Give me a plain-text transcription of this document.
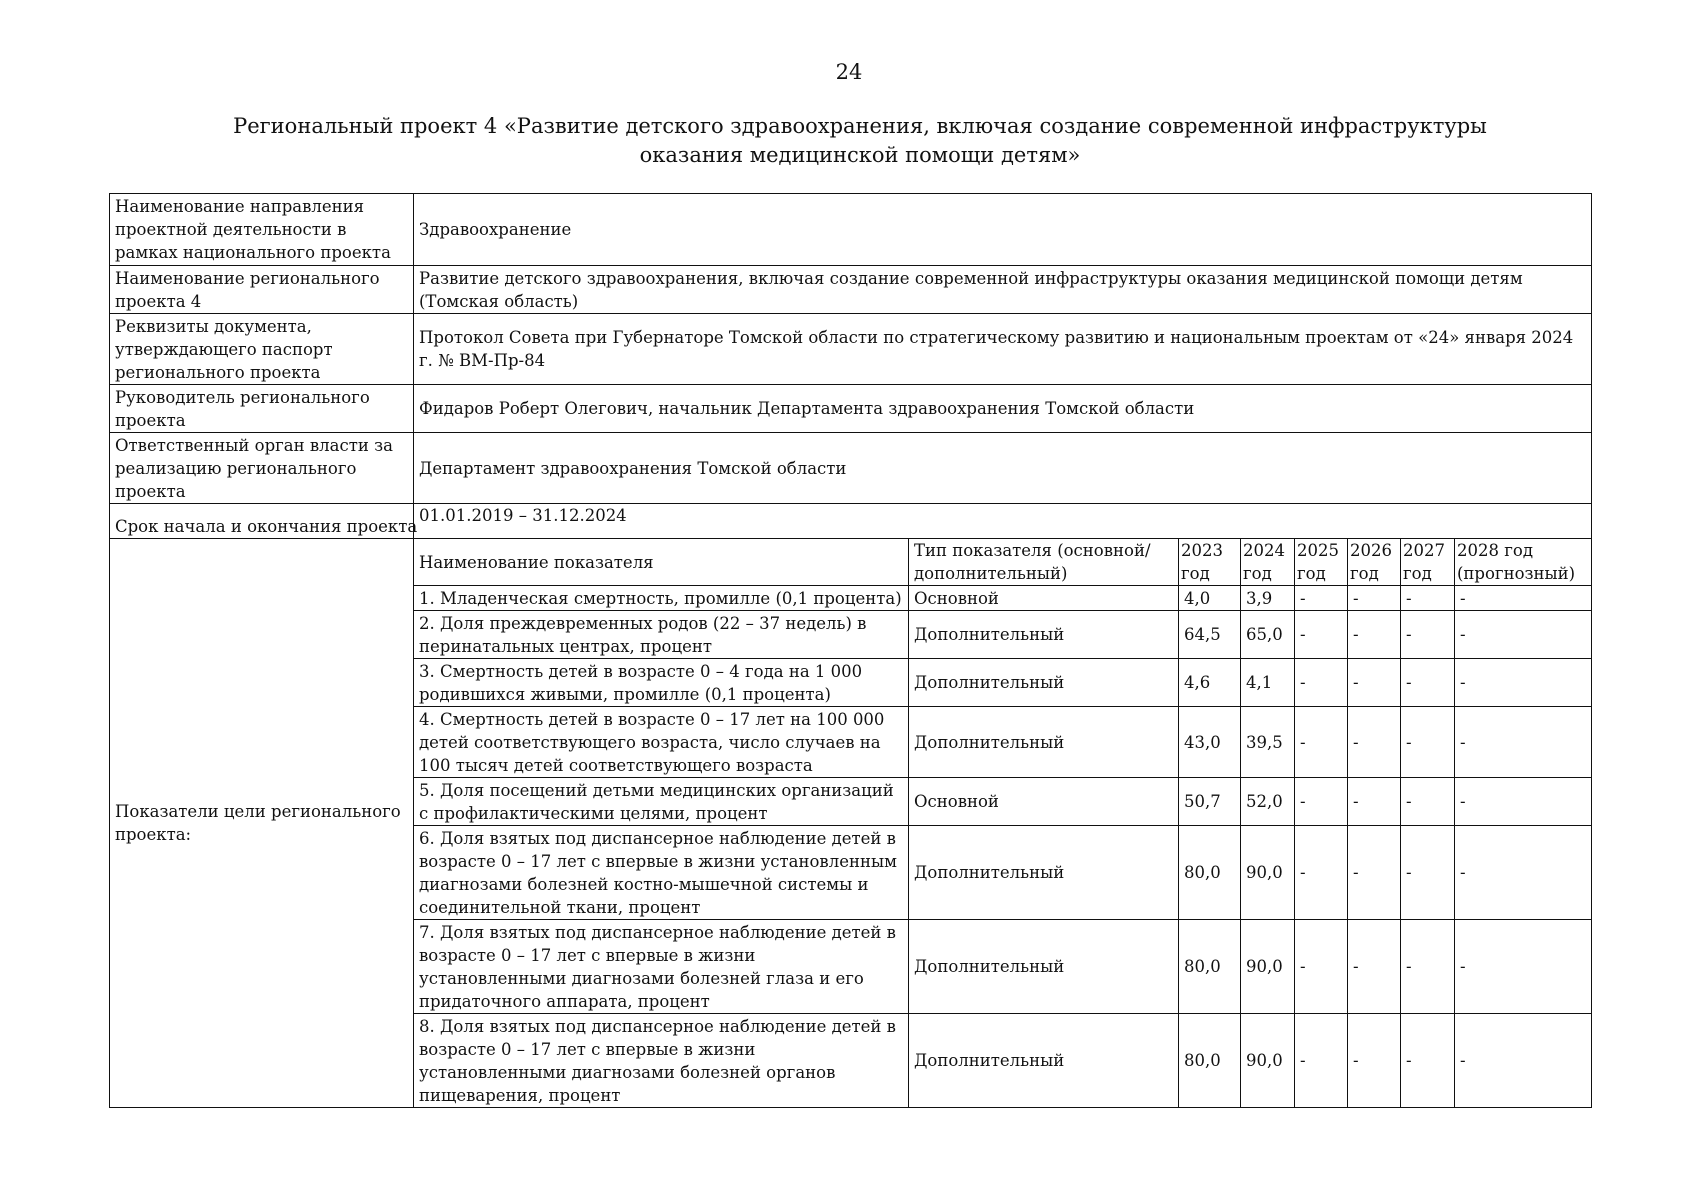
24
Региональный проект 4 «Развитие детского здравоохранения, включая создание современной инфраструктуры
оказания медицинской помощи детям»
Наименование направления проектной деятельности в рамках национального проекта	Здравоохранение							
Наименование регионального проекта 4	Развитие детского здравоохранения, включая создание современной инфраструктуры оказания медицинской помощи детям (Томская область)							
Реквизиты документа, утверждающего паспорт регионального проекта	Протокол Совета при Губернаторе Томской области по стратегическому развитию и национальным проектам от «24» января 2024 г. № ВМ-Пр-84							
Руководитель регионального проекта	Фидаров Роберт Олегович, начальник Департамента здравоохранения Томской области							
Ответственный орган власти за реализацию регионального проекта	Департамент здравоохранения Томской области							
Срок начала и окончания проекта	01.01.2019 – 31.12.2024							
Показатели цели регионального проекта:	Наименование показателя	Тип показателя (основной/дополнительный)	2023 год	2024 год	2025 год	2026 год	2027 год	2028 год (прогнозный)
	1. Младенческая смертность, промилле (0,1 процента)	Основной	4,0	3,9	-	-	-	-
	2. Доля преждевременных родов (22 – 37 недель) в перинатальных центрах, процент	Дополнительный	64,5	65,0	-	-	-	-
	3. Смертность детей в возрасте 0 – 4 года на 1 000 родившихся живыми, промилле (0,1 процента)	Дополнительный	4,6	4,1	-	-	-	-
	4. Смертность детей в возрасте 0 – 17 лет на 100 000 детей соответствующего возраста, число случаев на 100 тысяч детей соответствующего возраста	Дополнительный	43,0	39,5	-	-	-	-
	5. Доля посещений детьми медицинских организаций с профилактическими целями, процент	Основной	50,7	52,0	-	-	-	-
	6. Доля взятых под диспансерное наблюдение детей в возрасте 0 – 17 лет с впервые в жизни установленным диагнозами болезней костно-мышечной системы и соединительной ткани, процент	Дополнительный	80,0	90,0	-	-	-	-
	7. Доля взятых под диспансерное наблюдение детей в возрасте 0 – 17 лет с впервые в жизни установленными диагнозами болезней глаза и его придаточного аппарата, процент	Дополнительный	80,0	90,0	-	-	-	-
	8. Доля взятых под диспансерное наблюдение детей в возрасте 0 – 17 лет с впервые в жизни установленными диагнозами болезней органов пищеварения, процент	Дополнительный	80,0	90,0	-	-	-	-
